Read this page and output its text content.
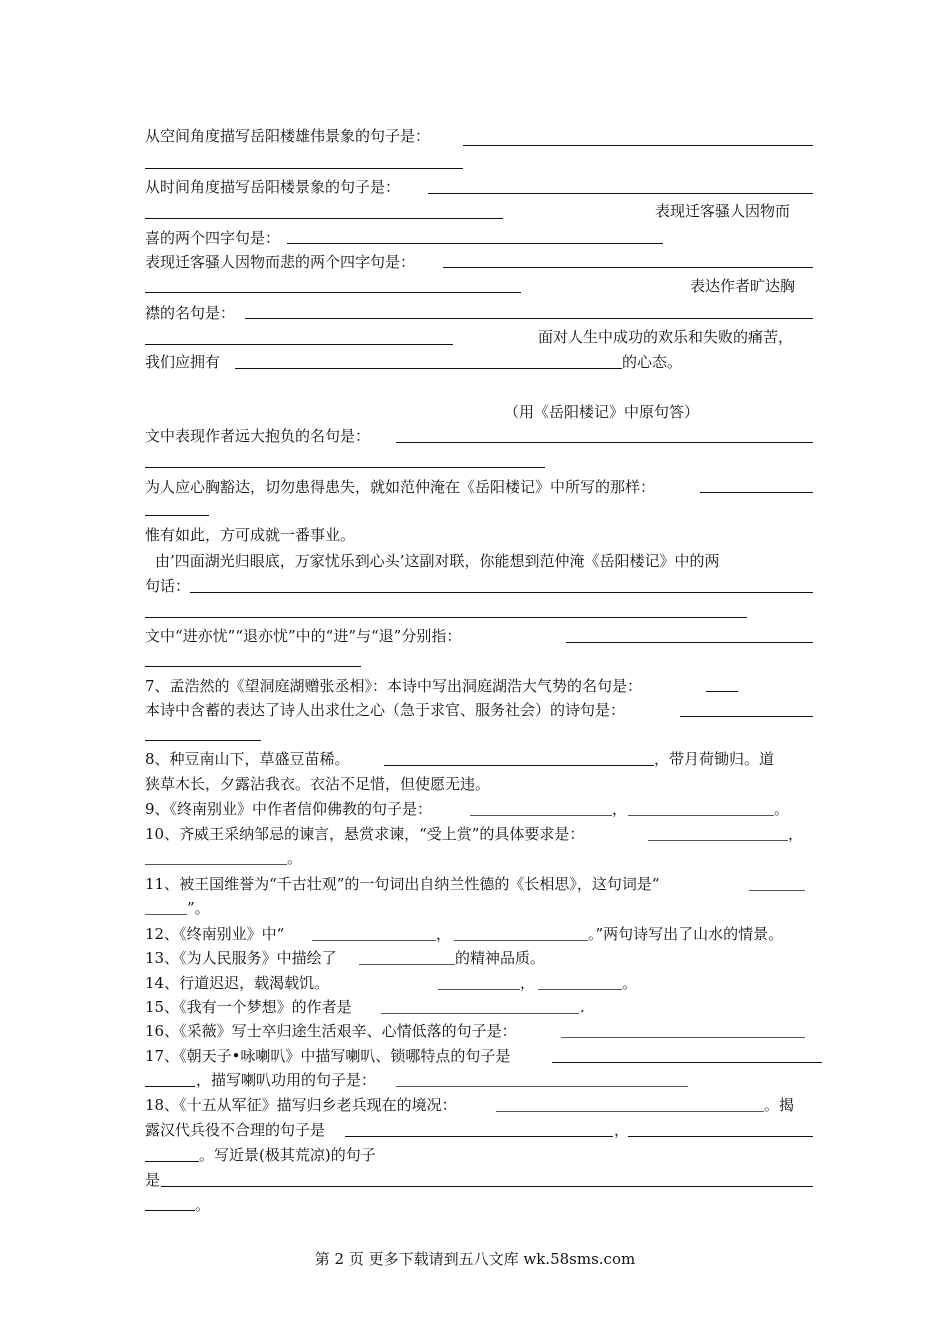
从空间角度描写岳阳楼雄伟景象的句子是：
从时间角度描写岳阳楼景象的句子是：
表现迁客骚人因物而
喜的两个四字句是：
表现迁客骚人因物而悲的两个四字句是：
表达作者旷达胸
襟的名句是：
面对人生中成功的欢乐和失败的痛苦，
我们应拥有	的心态。
（用《岳阳楼记》中原句答）
文中表现作者远大抱负的名句是：
为人应心胸豁达，切勿患得患失，就如范仲淹在《岳阳楼记》中所写的那样：
惟有如此，方可成就一番事业。
由’四面湖光归眼底，万家忧乐到心头’这副对联，你能想到范仲淹《岳阳楼记》中的两
句话：
文中“进亦忧”“退亦忧”中的“进”与“退”分别指：
7、孟浩然的《望洞庭湖赠张丞相》：本诗中写出洞庭湖浩大气势的名句是：
本诗中含蓄的表达了诗人出求仕之心（急于求官、服务社会）的诗句是：
8、种豆南山下，草盛豆苗稀。	，带月荷锄归。道
狭草木长，夕露沾我衣。衣沾不足惜，但使愿无违。
9、《终南别业》中作者信仰佛教的句子是：	，	。
10、齐威王采纳邹忌的谏言，悬赏求谏，“受上赏”的具体要求是：	，
。
11、被王国维誉为“千古壮观”的一句词出自纳兰性德的《长相思》，这句词是“
”。
12、《终南别业》中“	，	。”两句诗写出了山水的情景。
13、《为人民服务》中描绘了	的精神品质。
14、行道迟迟，载渴载饥。	，	。
15、《我有一个梦想》的作者是	.
16、《采薇》写士卒归途生活艰辛、心情低落的句子是：
17、《朝天子•咏喇叭》中描写喇叭、锁哪特点的句子是
，描写喇叭功用的句子是：
18、《十五从军征》描写归乡老兵现在的境况：	。揭
露汉代兵役不合理的句子是	，
。写近景(极其荒凉)的句子
是
。
第 2 页 更多下载请到五八文库 wk.58sms.com
